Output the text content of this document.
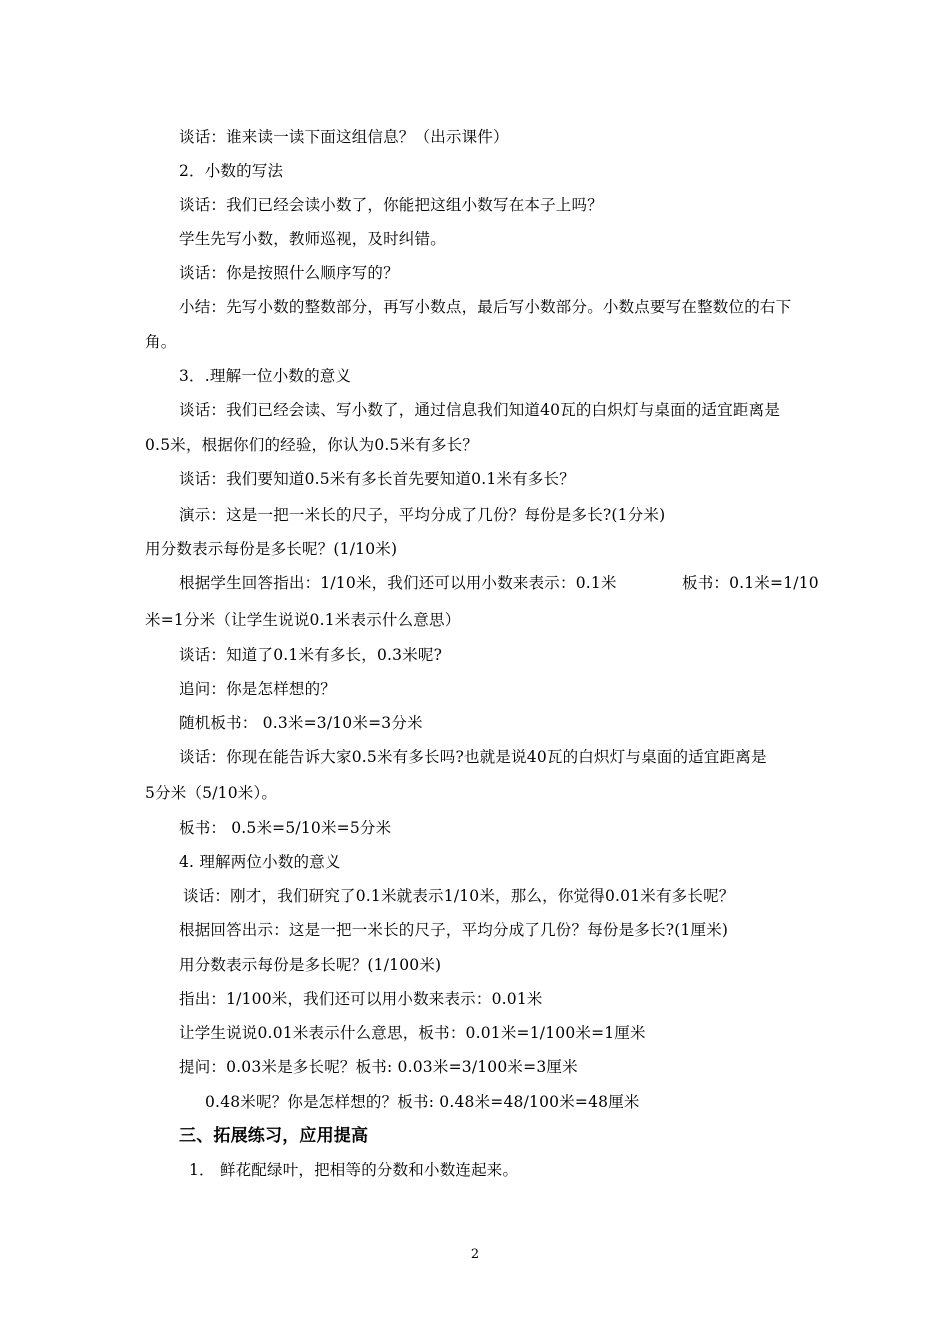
谈话：谁来读一读下面这组信息？（出示课件）
2．小数的写法
谈话：我们已经会读小数了，你能把这组小数写在本子上吗？
学生先写小数，教师巡视，及时纠错。
谈话：你是按照什么顺序写的？
小结：先写小数的整数部分，再写小数点，最后写小数部分。小数点要写在整数位的右下
角。
3．.理解一位小数的意义
谈话：我们已经会读、写小数了，通过信息我们知道40瓦的白炽灯与桌面的适宜距离是
0.5米，根据你们的经验，你认为0.5米有多长？
谈话：我们要知道0.5米有多长首先要知道0.1米有多长？
演示：这是一把一米长的尺子，平均分成了几份？每份是多长?(1分米)
用分数表示每份是多长呢？(1/10米)
根据学生回答指出：1/10米，我们还可以用小数来表示：0.1米	板书：0.1米=1/10
米=1分米（让学生说说0.1米表示什么意思）
谈话：知道了0.1米有多长，0.3米呢?
追问：你是怎样想的？
随机板书： 0.3米=3/10米=3分米
谈话：你现在能告诉大家0.5米有多长吗?也就是说40瓦的白炽灯与桌面的适宜距离是
5分米（5/10米）。
板书： 0.5米=5/10米=5分米
4. 理解两位小数的意义
谈话：刚才，我们研究了0.1米就表示1/10米，那么，你觉得0.01米有多长呢？
根据回答出示：这是一把一米长的尺子，平均分成了几份？每份是多长?(1厘米)
用分数表示每份是多长呢？(1/100米)
指出：1/100米，我们还可以用小数来表示：0.01米
让学生说说0.01米表示什么意思，板书：0.01米=1/100米=1厘米
提问：0.03米是多长呢？板书: 0.03米=3/100米=3厘米
0.48米呢？你是怎样想的？板书: 0.48米=48/100米=48厘米
三、拓展练习，应用提高
1． 鲜花配绿叶，把相等的分数和小数连起来。
2
